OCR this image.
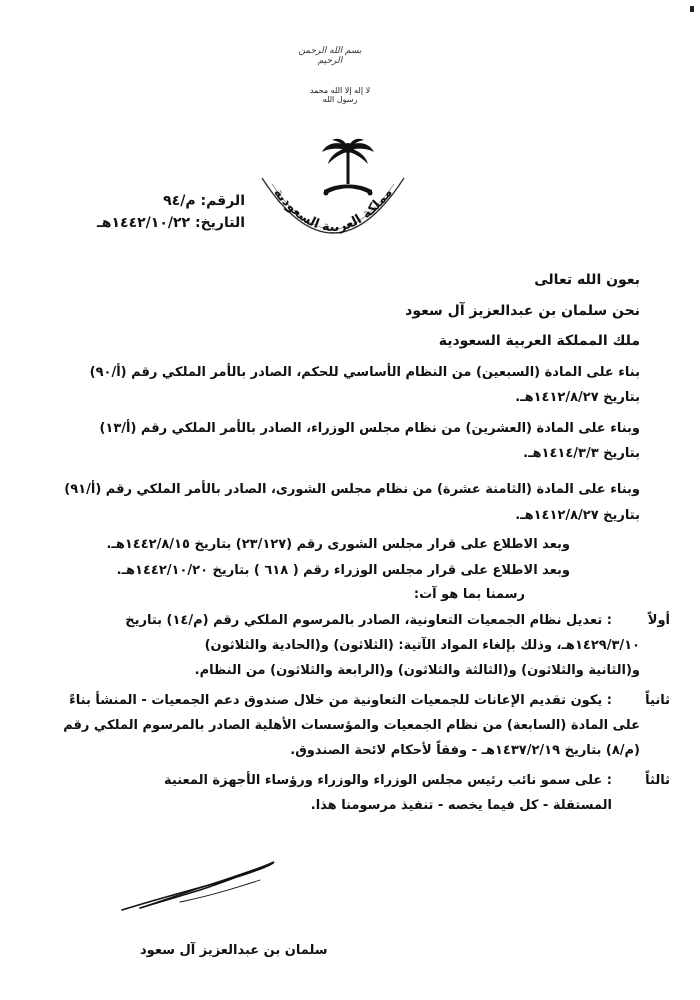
بسم الله الرحمن الرحيم
لا إله إلا الله محمد رسول الله
مملكة العربية السعودية
الرقم: م/٩٤
التاريخ: ١٤٤٢/١٠/٢٢هـ
بعون الله تعالى
نحن سلمان بن عبدالعزيز آل سعود
ملك المملكة العربية السعودية
بناء على المادة (السبعين) من النظام الأساسي للحكم، الصادر بالأمر الملكي رقم (أ/٩٠)
بتاريخ ١٤١٢/٨/٢٧هـ.
وبناء على المادة (العشرين) من نظام مجلس الوزراء، الصادر بالأمر الملكي رقم (أ/١٣)
بتاريخ ١٤١٤/٣/٣هـ.
وبناء على المادة (الثامنة عشرة) من نظام مجلس الشورى، الصادر بالأمر الملكي رقم (أ/٩١)
بتاريخ ١٤١٢/٨/٢٧هـ.
وبعد الاطلاع على قرار مجلس الشورى رقم (٢٣/١٢٧) بتاريخ ١٤٤٢/٨/١٥هـ.
وبعد الاطلاع على قرار مجلس الوزراء رقم ( ٦١٨ ) بتاريخ ١٤٤٢/١٠/٢٠هـ.
رسمنا بما هو آت:
أولاً
: تعديل نظام الجمعيات التعاونية، الصادر بالمرسوم الملكي رقم (م/١٤) بتاريخ
١٤٢٩/٣/١٠هـ، وذلك بإلغاء المواد الآتية: (الثلاثون) و(الحادية والثلاثون)
و(الثانية والثلاثون) و(الثالثة والثلاثون) و(الرابعة والثلاثون) من النظام.
ثانياً
: يكون تقديم الإعانات للجمعيات التعاونية من خلال صندوق دعم الجمعيات - المنشأ بناءً
على المادة (السابعة) من نظام الجمعيات والمؤسسات الأهلية الصادر بالمرسوم الملكي رقم
(م/٨) بتاريخ ١٤٣٧/٢/١٩هـ - وفقاً لأحكام لائحة الصندوق.
ثالثاً
: على سمو نائب رئيس مجلس الوزراء والوزراء ورؤساء الأجهزة المعنية
المستقلة - كل فيما يخصه - تنفيذ مرسومنا هذا.
سلمان بن عبدالعزيز آل سعود
